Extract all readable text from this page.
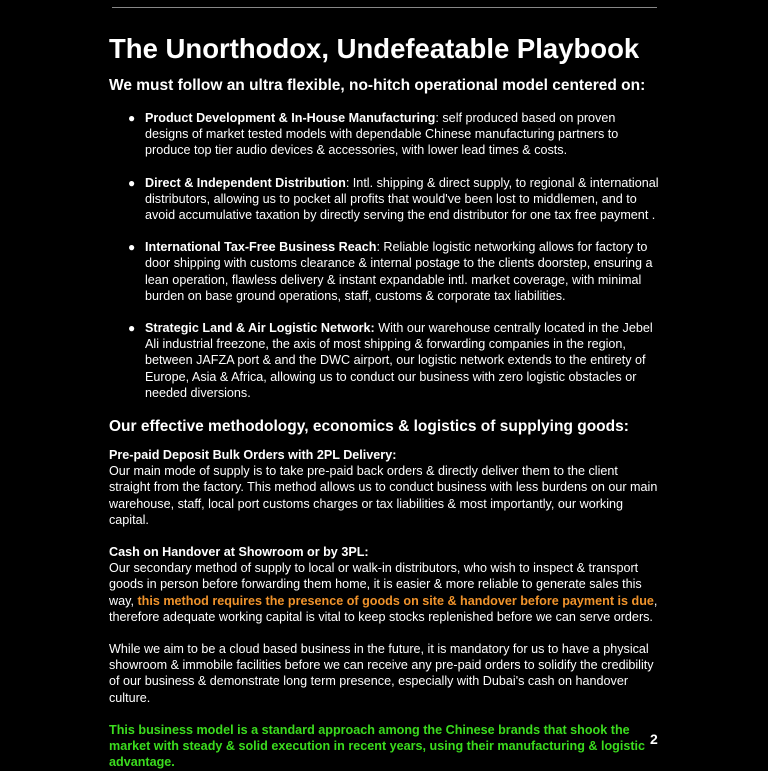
The Unorthodox, Undefeatable Playbook

We must follow an ultra flexible, no-hitch operational model centered on:

● Product Development & In-House Manufacturing: self produced based on proven designs of market tested models with dependable Chinese manufacturing partners to produce top tier audio devices & accessories, with lower lead times & costs.
● Direct & Independent Distribution: Intl. shipping & direct supply, to regional & international distributors, allowing us to pocket all profits that would've been lost to middlemen, and to avoid accumulative taxation by directly serving the end distributor for one tax free payment .
● International Tax-Free Business Reach: Reliable logistic networking allows for factory to door shipping with customs clearance & internal postage to the clients doorstep, ensuring a lean operation, flawless delivery & instant expandable intl. market coverage, with minimal burden on base ground operations, staff, customs & corporate tax liabilities.
● Strategic Land & Air Logistic Network: With our warehouse centrally located in the Jebel Ali industrial freezone, the axis of most shipping & forwarding companies in the region, between JAFZA port & and the DWC airport, our logistic network extends to the entirety of Europe, Asia & Africa, allowing us to conduct our business with zero logistic obstacles or needed diversions.

Our effective methodology, economics & logistics of supplying goods:

Pre-paid Deposit Bulk Orders with 2PL Delivery:

Our main mode of supply is to take pre-paid back orders & directly deliver them to the client straight from the factory. This method allows us to conduct business with less burdens on our main warehouse, staff, local port customs charges or tax liabilities & most importantly, our working capital.

Cash on Handover at Showroom or by 3PL:

Our secondary method of supply to local or walk-in distributors, who wish to inspect & transport goods in person before forwarding them home, it is easier & more reliable to generate sales this way, this method requires the presence of goods on site & handover before payment is due, therefore adequate working capital is vital to keep stocks replenished before we can serve orders.

While we aim to be a cloud based business in the future, it is mandatory for us to have a physical showroom & immobile facilities before we can receive any pre-paid orders to solidify the credibility of our business & demonstrate long term presence, especially with Dubai's cash on handover culture.

This business model is a standard approach among the Chinese brands that shook the market with steady & solid execution in recent years, using their manufacturing & logistic advantage.

2
